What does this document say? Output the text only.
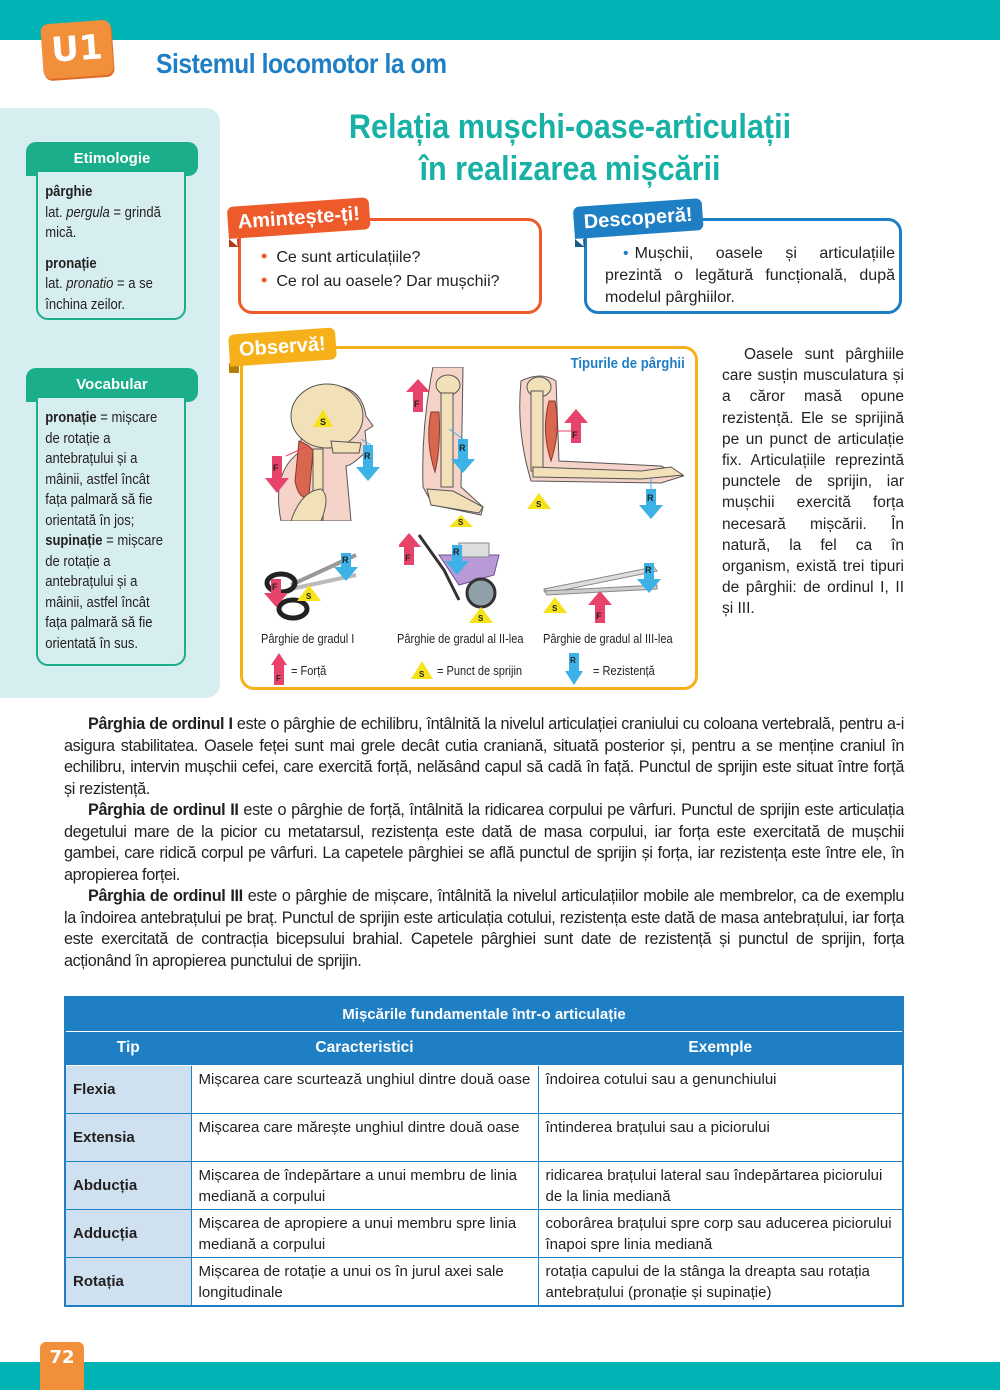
U1	Sistemul locomotor la om
Etimologie
pârghie
lat. pergula = grindă mică.
pronație
lat. pronatio = a se închina zeilor.
Vocabular
pronație = mișcare de rotație a antebrațului și a mâinii, astfel încât fața palmară să fie orientată în jos;
supinație = mișcare de rotație a antebrațului și a mâinii, astfel încât fața palmară să fie orientată în sus.
Relația mușchi-oase-articulații
în realizarea mișcării
Amintește-ți!
• Ce sunt articulațiile?
• Ce rol au oasele? Dar mușchii?
Descoperă!

• Mușchii, oasele și articulațiile prezintă o legătură funcțională, după modelul pârghiilor.

Observă!
Tipurile de pârghii
S
F
R
F
R
S
F
S
R
F
S
R	F
R
S
S
F
R
Pârghie de gradul I	Pârghie de gradul al II-lea Pârghie de gradul al III-lea
F
= Forță	S = Punct de sprijin
R
= Rezistență
Oasele sunt pârghiile care susțin musculatura și a căror masă opune rezistență. Ele se sprijină pe un punct de articulație fix. Articulațiile reprezintă punctele de sprijin, iar mușchii exercită forța necesară mișcării. În natură, la fel ca în organism, există trei tipuri de pârghii: de ordinul I, II și III.

Pârghia de ordinul I este o pârghie de echilibru, întâlnită la nivelul articulației craniului cu coloana vertebrală, pentru a-i asigura stabilitatea. Oasele feței sunt mai grele decât cutia craniană, situată posterior și, pentru a se menține craniul în echilibru, intervin mușchii cefei, care exercită forță, nelăsând capul să cadă în față. Punctul de sprijin este situat între forță și rezistență.

Pârghia de ordinul II este o pârghie de forță, întâlnită la ridicarea corpului pe vârfuri. Punctul de sprijin este articulația degetului mare de la picior cu metatarsul, rezistența este dată de masa corpului, iar forța este exercitată de mușchii gambei, care ridică corpul pe vârfuri. La capetele pârghiei se află punctul de sprijin și forța, iar rezistența este între ele, în apropierea forței.

Pârghia de ordinul III este o pârghie de mișcare, întâlnită la nivelul articulațiilor mobile ale membrelor, ca de exemplu la îndoirea antebrațului pe braț. Punctul de sprijin este articulația cotului, rezistența este dată de masa antebrațului, iar forța este exercitată de contracția bicepsului brahial. Capetele pârghiei sunt date de rezistență și punctul de sprijin, forța acționând în apropierea punctului de sprijin.

Mișcările fundamentale într-o articulație		
Tip	Caracteristici	Exemple
Flexia	Mișcarea care scurtează unghiul dintre două oase	îndoirea cotului sau a genunchiului
Extensia	Mișcarea care mărește unghiul dintre două oase	întinderea brațului sau a piciorului
Abducția	Mișcarea de îndepărtare a unui membru de linia mediană a corpului	ridicarea brațului lateral sau îndepărtarea piciorului de la linia mediană
Adducția	Mișcarea de apropiere a unui membru spre linia mediană a corpului	coborârea brațului spre corp sau aducerea piciorului înapoi spre linia mediană
Rotația	Mișcarea de rotație a unui os în jurul axei sale longitudinale	rotația capului de la stânga la dreapta sau rotația antebrațului (pronație și supinație)
72
